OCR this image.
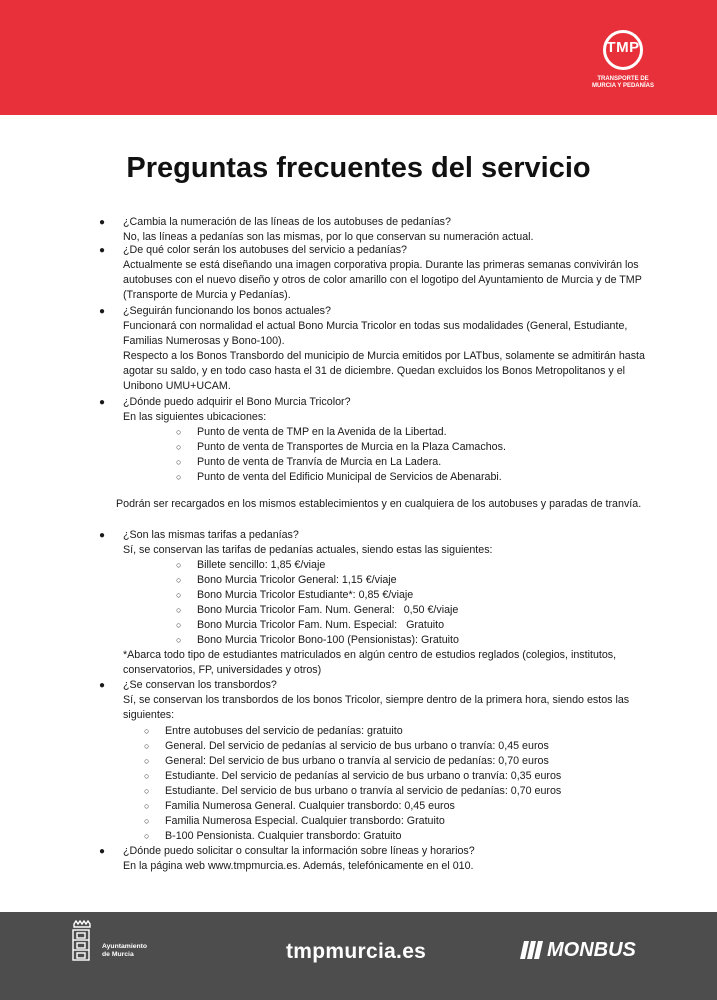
TMP
TRANSPORTE DE
MURCIA Y PEDANÍAS
Preguntas frecuentes del servicio
● ¿Cambia la numeración de las líneas de los autobuses de pedanías?
No, las líneas a pedanías son las mismas, por lo que conservan su numeración actual.
● ¿De qué color serán los autobuses del servicio a pedanías?
Actualmente se está diseñando una imagen corporativa propia. Durante las primeras semanas convivirán los
autobuses con el nuevo diseño y otros de color amarillo con el logotipo del Ayuntamiento de Murcia y de TMP
(Transporte de Murcia y Pedanías).
● ¿Seguirán funcionando los bonos actuales?
Funcionará con normalidad el actual Bono Murcia Tricolor en todas sus modalidades (General, Estudiante,
Familias Numerosas y Bono-100).
Respecto a los Bonos Transbordo del municipio de Murcia emitidos por LATbus, solamente se admitirán hasta
agotar su saldo, y en todo caso hasta el 31 de diciembre. Quedan excluidos los Bonos Metropolitanos y el
Unibono UMU+UCAM.
● ¿Dónde puedo adquirir el Bono Murcia Tricolor?
En las siguientes ubicaciones:
○ Punto de venta de TMP en la Avenida de la Libertad.
○ Punto de venta de Transportes de Murcia en la Plaza Camachos.
○ Punto de venta de Tranvía de Murcia en La Ladera.
○ Punto de venta del Edificio Municipal de Servicios de Abenarabi.
Podrán ser recargados en los mismos establecimientos y en cualquiera de los autobuses y paradas de tranvía.
● ¿Son las mismas tarifas a pedanías?
Sí, se conservan las tarifas de pedanías actuales, siendo estas las siguientes:
○ Billete sencillo: 1,85 €/viaje
○ Bono Murcia Tricolor General: 1,15 €/viaje
○ Bono Murcia Tricolor Estudiante*: 0,85 €/viaje
○ Bono Murcia Tricolor Fam. Num. General:   0,50 €/viaje
○ Bono Murcia Tricolor Fam. Num. Especial:   Gratuito
○ Bono Murcia Tricolor Bono-100 (Pensionistas): Gratuito
*Abarca todo tipo de estudiantes matriculados en algún centro de estudios reglados (colegios, institutos,
conservatorios, FP, universidades y otros)
● ¿Se conservan los transbordos?
Sí, se conservan los transbordos de los bonos Tricolor, siempre dentro de la primera hora, siendo estos las
siguientes:
○ Entre autobuses del servicio de pedanías: gratuito
○ General. Del servicio de pedanías al servicio de bus urbano o tranvía: 0,45 euros
○ General: Del servicio de bus urbano o tranvía al servicio de pedanías: 0,70 euros
○ Estudiante. Del servicio de pedanías al servicio de bus urbano o tranvía: 0,35 euros
○ Estudiante. Del servicio de bus urbano o tranvía al servicio de pedanías: 0,70 euros
○ Familia Numerosa General. Cualquier transbordo: 0,45 euros
○ Familia Numerosa Especial. Cualquier transbordo: Gratuito
○ B-100 Pensionista. Cualquier transbordo: Gratuito
● ¿Dónde puedo solicitar o consultar la información sobre líneas y horarios?
En la página web www.tmpmurcia.es. Además, telefónicamente en el 010.
Ayuntamiento
de Murcia	tmpmurcia.es	MONBUS
